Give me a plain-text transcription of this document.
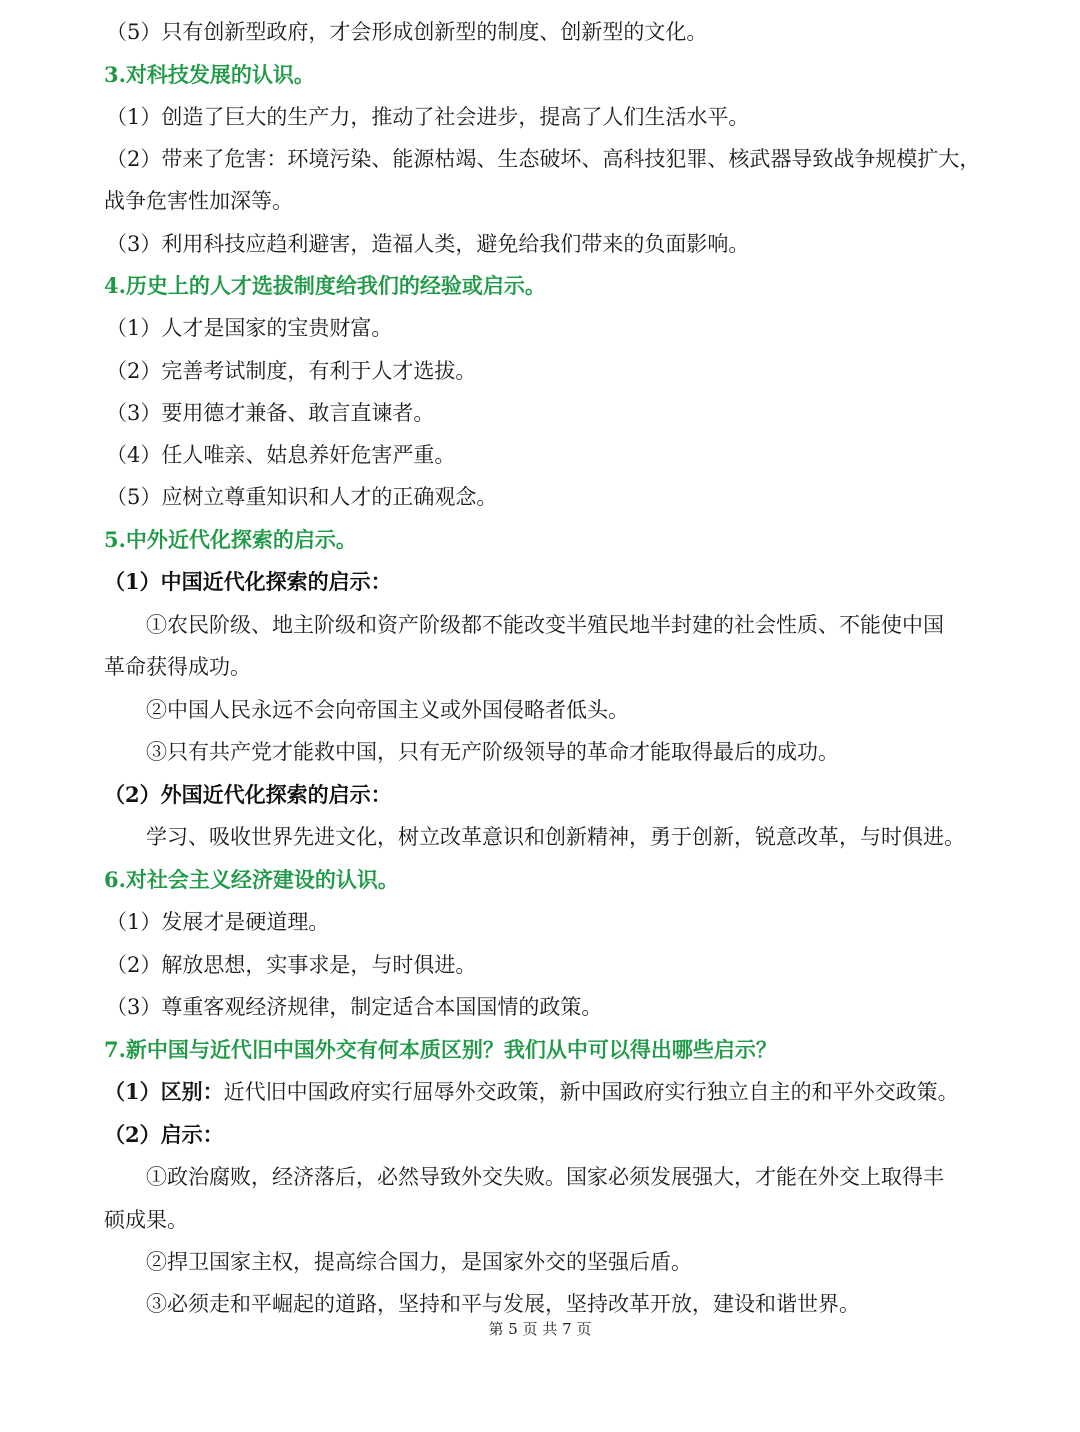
（5）只有创新型政府，才会形成创新型的制度、创新型的文化。
3.对科技发展的认识。
（1）创造了巨大的生产力，推动了社会进步，提高了人们生活水平。
（2）带来了危害：环境污染、能源枯竭、生态破坏、高科技犯罪、核武器导致战争规模扩大，
战争危害性加深等。
（3）利用科技应趋利避害，造福人类，避免给我们带来的负面影响。
4.历史上的人才选拔制度给我们的经验或启示。
（1）人才是国家的宝贵财富。
（2）完善考试制度，有利于人才选拔。
（3）要用德才兼备、敢言直谏者。
（4）任人唯亲、姑息养奸危害严重。
（5）应树立尊重知识和人才的正确观念。
5.中外近代化探索的启示。
（1）中国近代化探索的启示：
①农民阶级、地主阶级和资产阶级都不能改变半殖民地半封建的社会性质、不能使中国
革命获得成功。
②中国人民永远不会向帝国主义或外国侵略者低头。
③只有共产党才能救中国，只有无产阶级领导的革命才能取得最后的成功。
（2）外国近代化探索的启示：
学习、吸收世界先进文化，树立改革意识和创新精神，勇于创新，锐意改革，与时俱进。
6.对社会主义经济建设的认识。
（1）发展才是硬道理。
（2）解放思想，实事求是，与时俱进。
（3）尊重客观经济规律，制定适合本国国情的政策。
7.新中国与近代旧中国外交有何本质区别？我们从中可以得出哪些启示？
（1）区别：近代旧中国政府实行屈辱外交政策，新中国政府实行独立自主的和平外交政策。
（2）启示：
①政治腐败，经济落后，必然导致外交失败。国家必须发展强大，才能在外交上取得丰
硕成果。
②捍卫国家主权，提高综合国力，是国家外交的坚强后盾。
③必须走和平崛起的道路，坚持和平与发展，坚持改革开放，建设和谐世界。
第 5 页 共 7 页
